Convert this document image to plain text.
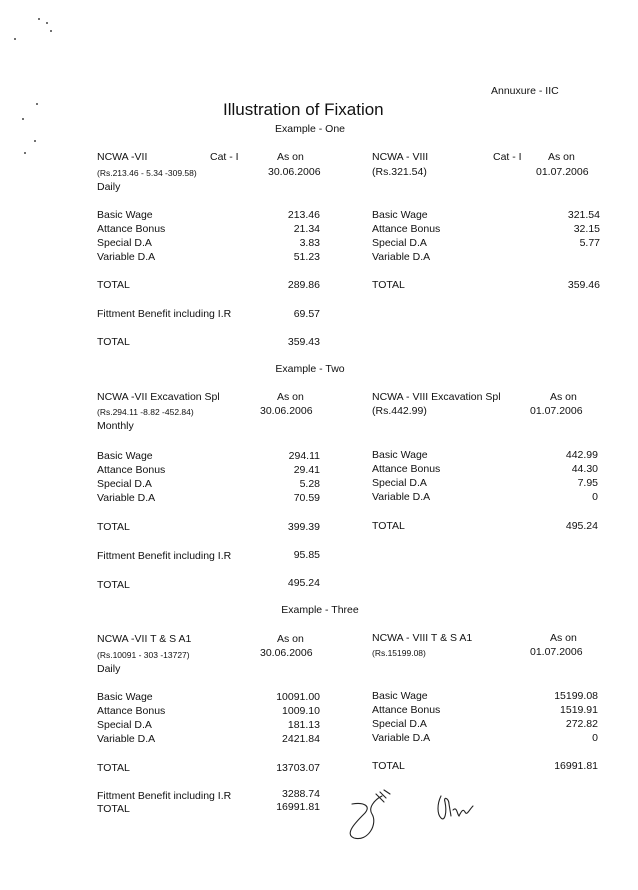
Annuxure - IIC
Illustration of Fixation
Example - One
NCWA -VII	Cat - I	As on
(Rs.213.46 - 5.34 -309.58)	30.06.2006
Daily
NCWA - VIII	Cat - I	As on
(Rs.321.54)	01.07.2006
Basic Wage	213.46
Attance Bonus	21.34
Special D.A	3.83
Variable D.A	51.23
Basic Wage	321.54
Attance Bonus	32.15
Special D.A	5.77
Variable D.A
TOTAL	289.86	TOTAL	359.46
Fittment Benefit including I.R	69.57
TOTAL	359.43
Example - Two
NCWA -VII Excavation Spl	As on
(Rs.294.11 -8.82 -452.84)	30.06.2006
Monthly
NCWA - VIII Excavation Spl	As on
(Rs.442.99)	01.07.2006
Basic Wage	294.11
Attance Bonus	29.41
Special D.A	5.28
Variable D.A	70.59
Basic Wage	442.99
Attance Bonus	44.30
Special D.A	7.95
Variable D.A	0
TOTAL	399.39	TOTAL	495.24
Fittment Benefit including I.R	95.85
TOTAL	495.24
Example - Three
NCWA -VII T & S A1	As on
(Rs.10091 - 303 -13727)	30.06.2006
Daily
NCWA - VIII T & S A1	As on
(Rs.15199.08)	01.07.2006
Basic Wage	10091.00
Attance Bonus	1009.10
Special D.A	181.13
Variable D.A	2421.84
Basic Wage	15199.08
Attance Bonus	1519.91
Special D.A	272.82
Variable D.A	0
TOTAL	13703.07	TOTAL	16991.81
Fittment Benefit including I.R	3288.74
TOTAL	16991.81
